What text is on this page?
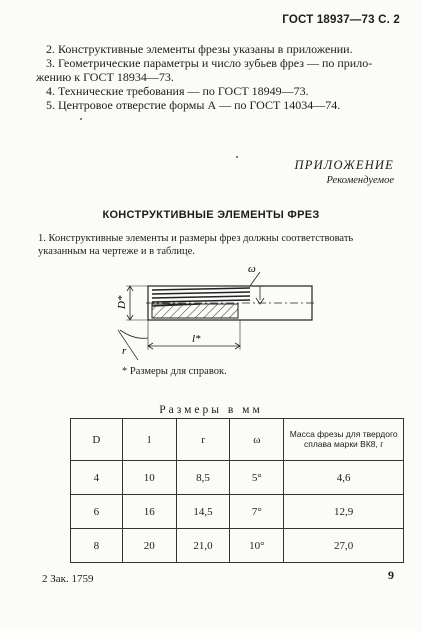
ГОСТ 18937—73 С. 2

2. Конструктивные элементы фрезы указаны в приложении.

3. Геометрические параметры и число зубьев фрез — по прило-

жению к ГОСТ 18934—73.

4. Технические требования — по ГОСТ 18949—73.

5. Центровое отверстие формы А — по ГОСТ 14034—74.

ПРИЛОЖЕНИЕ
Рекомендуемое
КОНСТРУКТИВНЫЕ ЭЛЕМЕНТЫ ФРЕЗ
1. Конструктивные элементы и размеры фрез должны соответствовать указанным на чертеже и в таблице.
ω
D*
l*
r
* Размеры для справок.
Размеры в мм
D	l	r	ω	Масса фрезы для твердого сплава марки ВК8, г
4	10	8,5	5°	4,6
6	16	14,5	7°	12,9
8	20	21,0	10°	27,0
2 Зак. 1759	9
